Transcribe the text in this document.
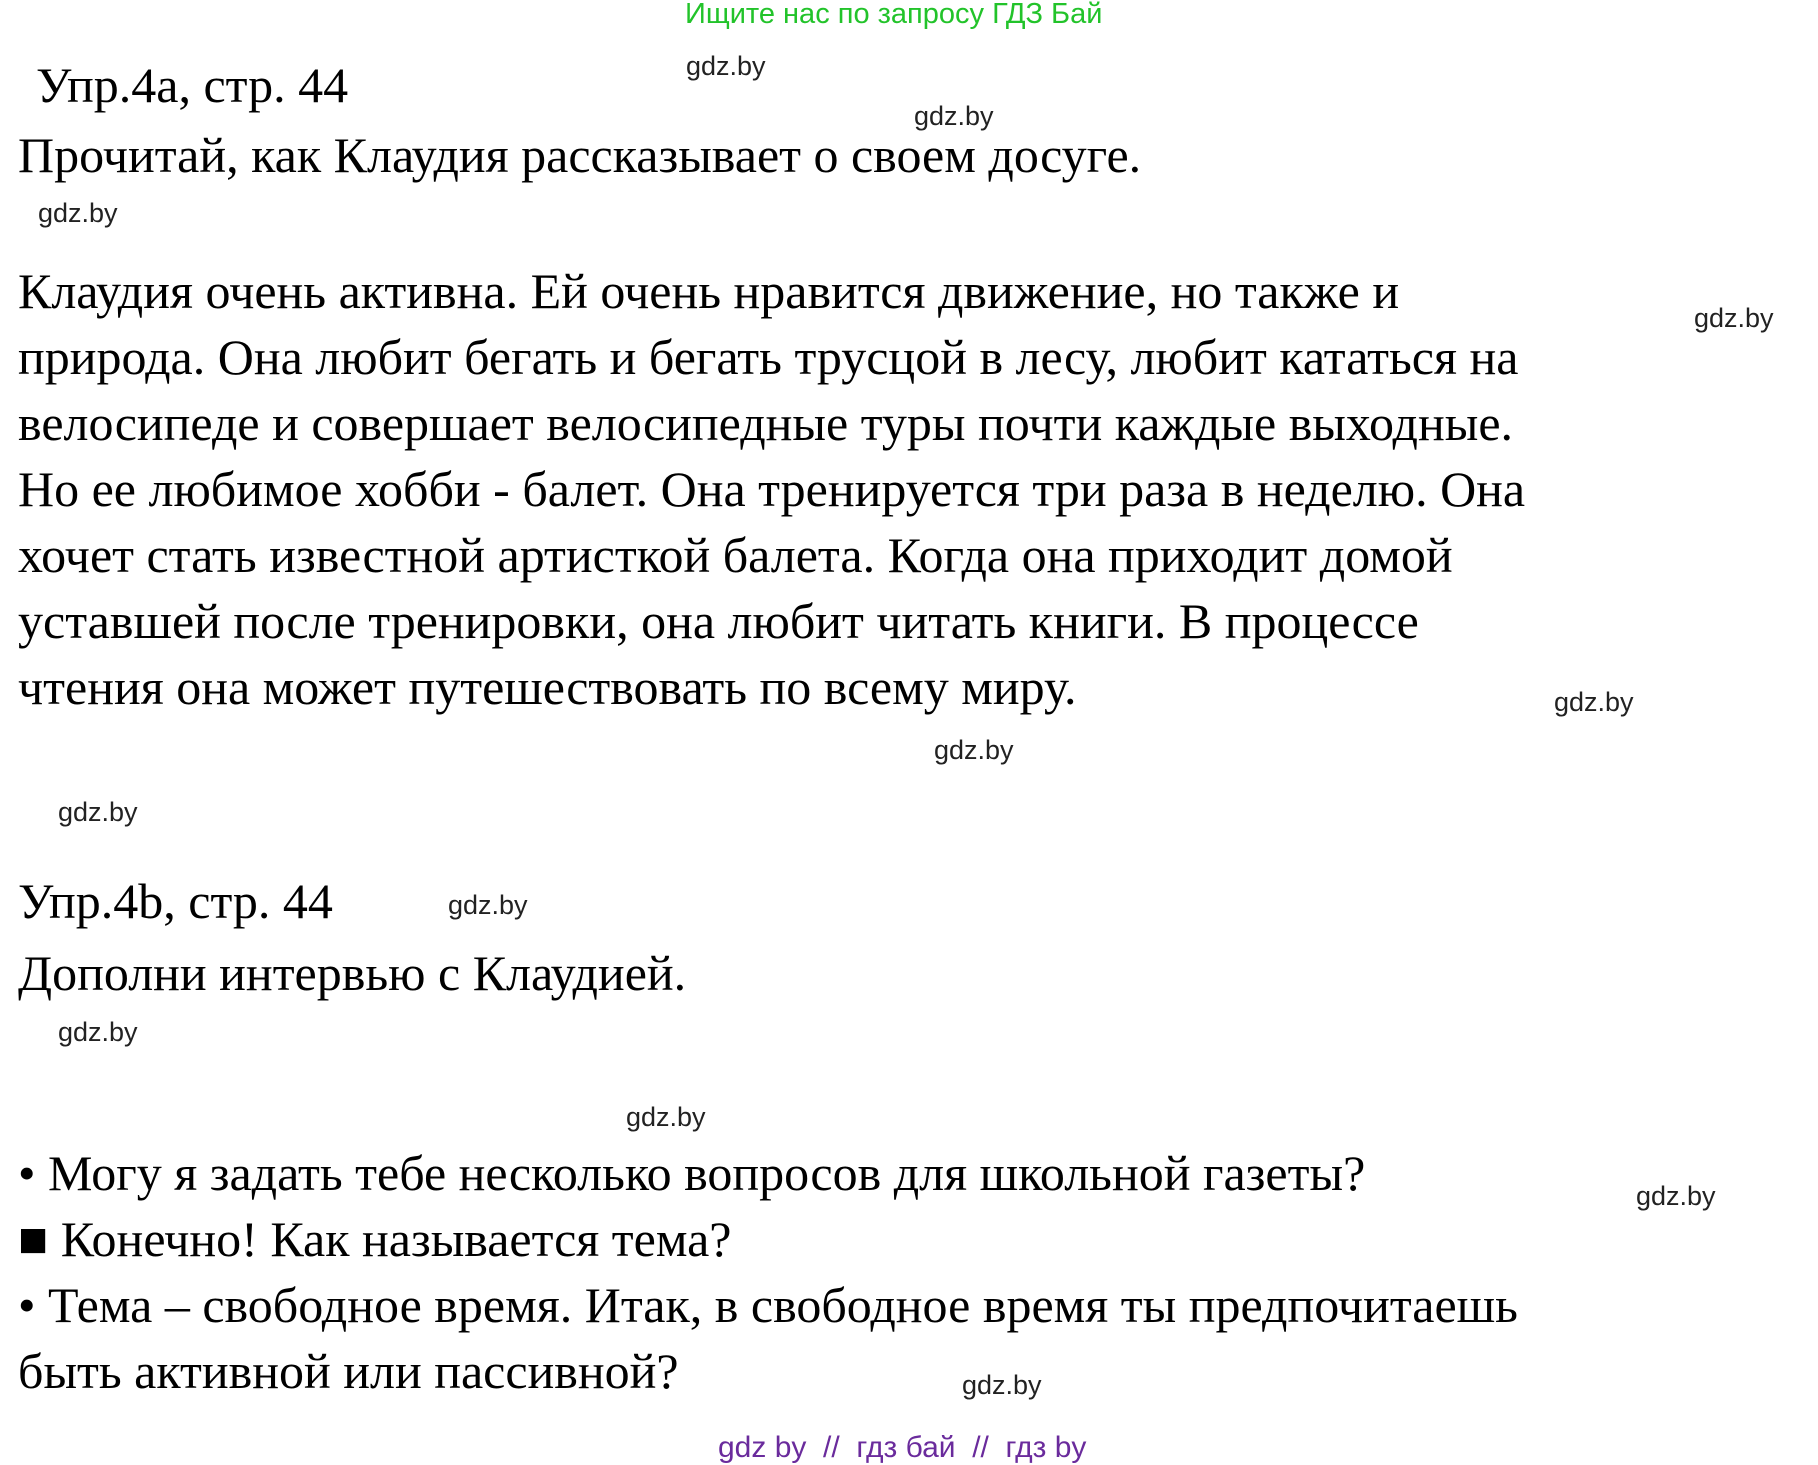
Ищите нас по запросу ГДЗ Бай
Упр.4а, стр. 44
Прочитай, как Клаудия рассказывает о своем досуге.
Клаудия очень активна. Ей очень нравится движение, но также и
природа. Она любит бегать и бегать трусцой в лесу, любит кататься на
велосипеде и совершает велосипедные туры почти каждые выходные.
Но ее любимое хобби - балет. Она тренируется три раза в неделю. Она
хочет стать известной артисткой балета. Когда она приходит домой
уставшей после тренировки, она любит читать книги. В процессе
чтения она может путешествовать по всему миру.
Упр.4b, стр. 44
Дополни интервью с Клаудией.
• Могу я задать тебе несколько вопросов для школьной газеты?
■ Конечно! Как называется тема?
• Тема – свободное время. Итак, в свободное время ты предпочитаешь
быть активной или пассивной?
gdz.by
gdz.by
gdz.by
gdz.by
gdz.by
gdz.by
gdz.by
gdz.by
gdz.by
gdz.by
gdz.by
gdz.by
gdz by  //  гдз бай  //  гдз by
